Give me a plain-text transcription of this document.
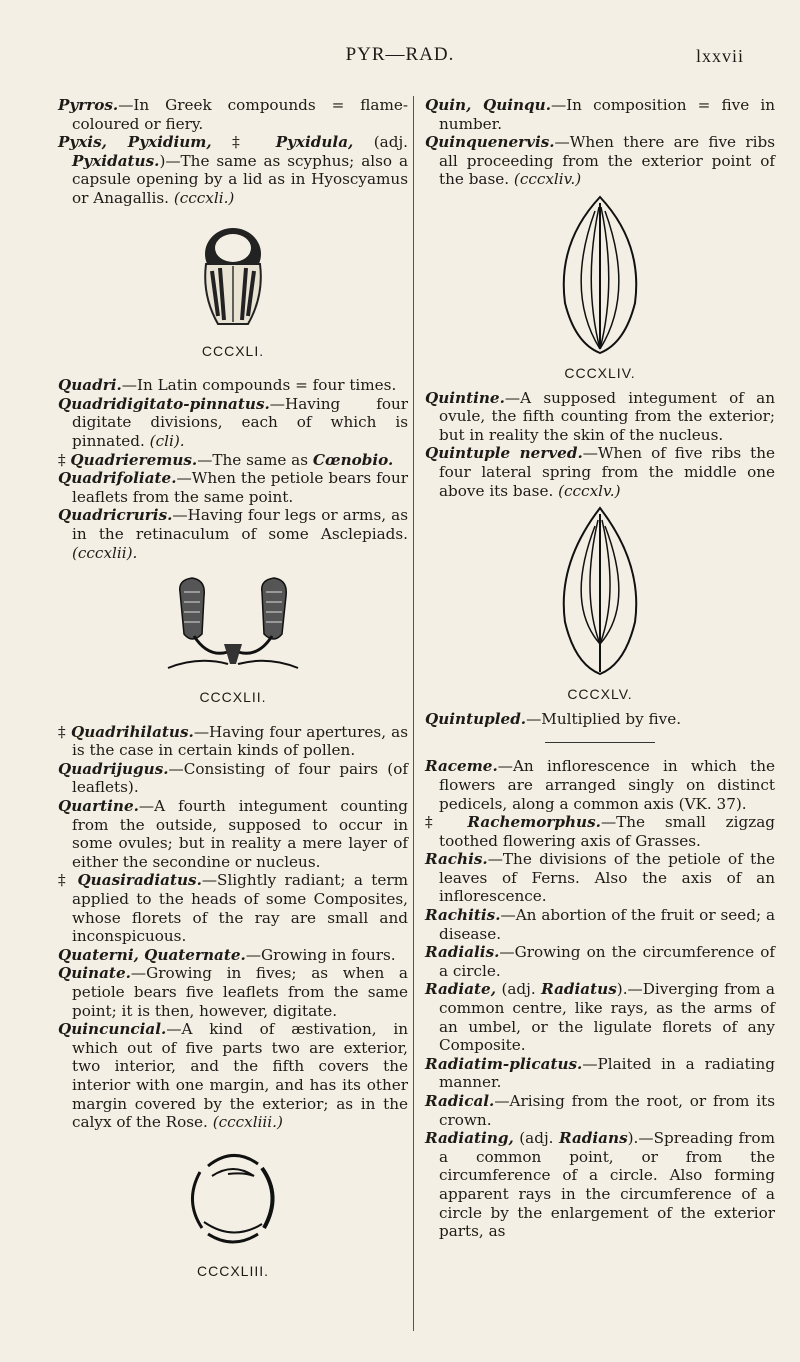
PYR—RAD.	lxxvii

Pyrros.—In Greek compounds = flame-coloured or fiery.

Pyxis, Pyxidium, ‡ Pyxidula, (adj. Pyxidatus.)—The same as scyphus; also a capsule opening by a lid as in Hyoscyamus or Anagallis. (cccxli.)

CCCXLI.

Quadri.—In Latin compounds = four times.

Quadridigitato-pinnatus.—Having four digitate divisions, each of which is pinnated. (cli).

‡ Quadrieremus.—The same as Cœnobio.

Quadrifoliate.—When the petiole bears four leaflets from the same point.

Quadricruris.—Having four legs or arms, as in the retinaculum of some Asclepiads. (cccxlii).

CCCXLII.

‡ Quadrihilatus.—Having four apertures, as is the case in certain kinds of pollen.

Quadrijugus.—Consisting of four pairs (of leaflets).

Quartine.—A fourth integument counting from the outside, supposed to occur in some ovules; but in reality a mere layer of either the secondine or nucleus.

‡ Quasiradiatus.—Slightly radiant; a term applied to the heads of some Composites, whose florets of the ray are small and inconspicuous.

Quaterni, Quaternate.—Growing in fours.

Quinate.—Growing in fives; as when a petiole bears five leaflets from the same point; it is then, however, digitate.

Quincuncial.—A kind of æstivation, in which out of five parts two are exterior, two interior, and the fifth covers the interior with one margin, and has its other margin covered by the exterior; as in the calyx of the Rose. (cccxliii.)

CCCXLIII.

Quin, Quinqu.—In composition = five in number.

Quinquenervis.—When there are five ribs all proceeding from the exterior point of the base. (cccxliv.)

CCCXLIV.

Quintine.—A supposed integument of an ovule, the fifth counting from the exterior; but in reality the skin of the nucleus.

Quintuple nerved.—When of five ribs the four lateral spring from the middle one above its base. (cccxlv.)

CCCXLV.

Quintupled.—Multiplied by five.

Raceme.—An inflorescence in which the flowers are arranged singly on distinct pedicels, along a common axis (VK. 37).

‡ Rachemorphus.—The small zigzag toothed flowering axis of Grasses.

Rachis.—The divisions of the petiole of the leaves of Ferns. Also the axis of an inflorescence.

Rachitis.—An abortion of the fruit or seed; a disease.

Radialis.—Growing on the circumference of a circle.

Radiate, (adj. Radiatus).—Diverging from a common centre, like rays, as the arms of an umbel, or the ligulate florets of any Composite.

Radiatim-plicatus.—Plaited in a radiating manner.

Radical.—Arising from the root, or from its crown.

Radiating, (adj. Radians).—Spreading from a common point, or from the circumference of a circle. Also forming apparent rays in the circumference of a circle by the enlargement of the exterior parts, as
